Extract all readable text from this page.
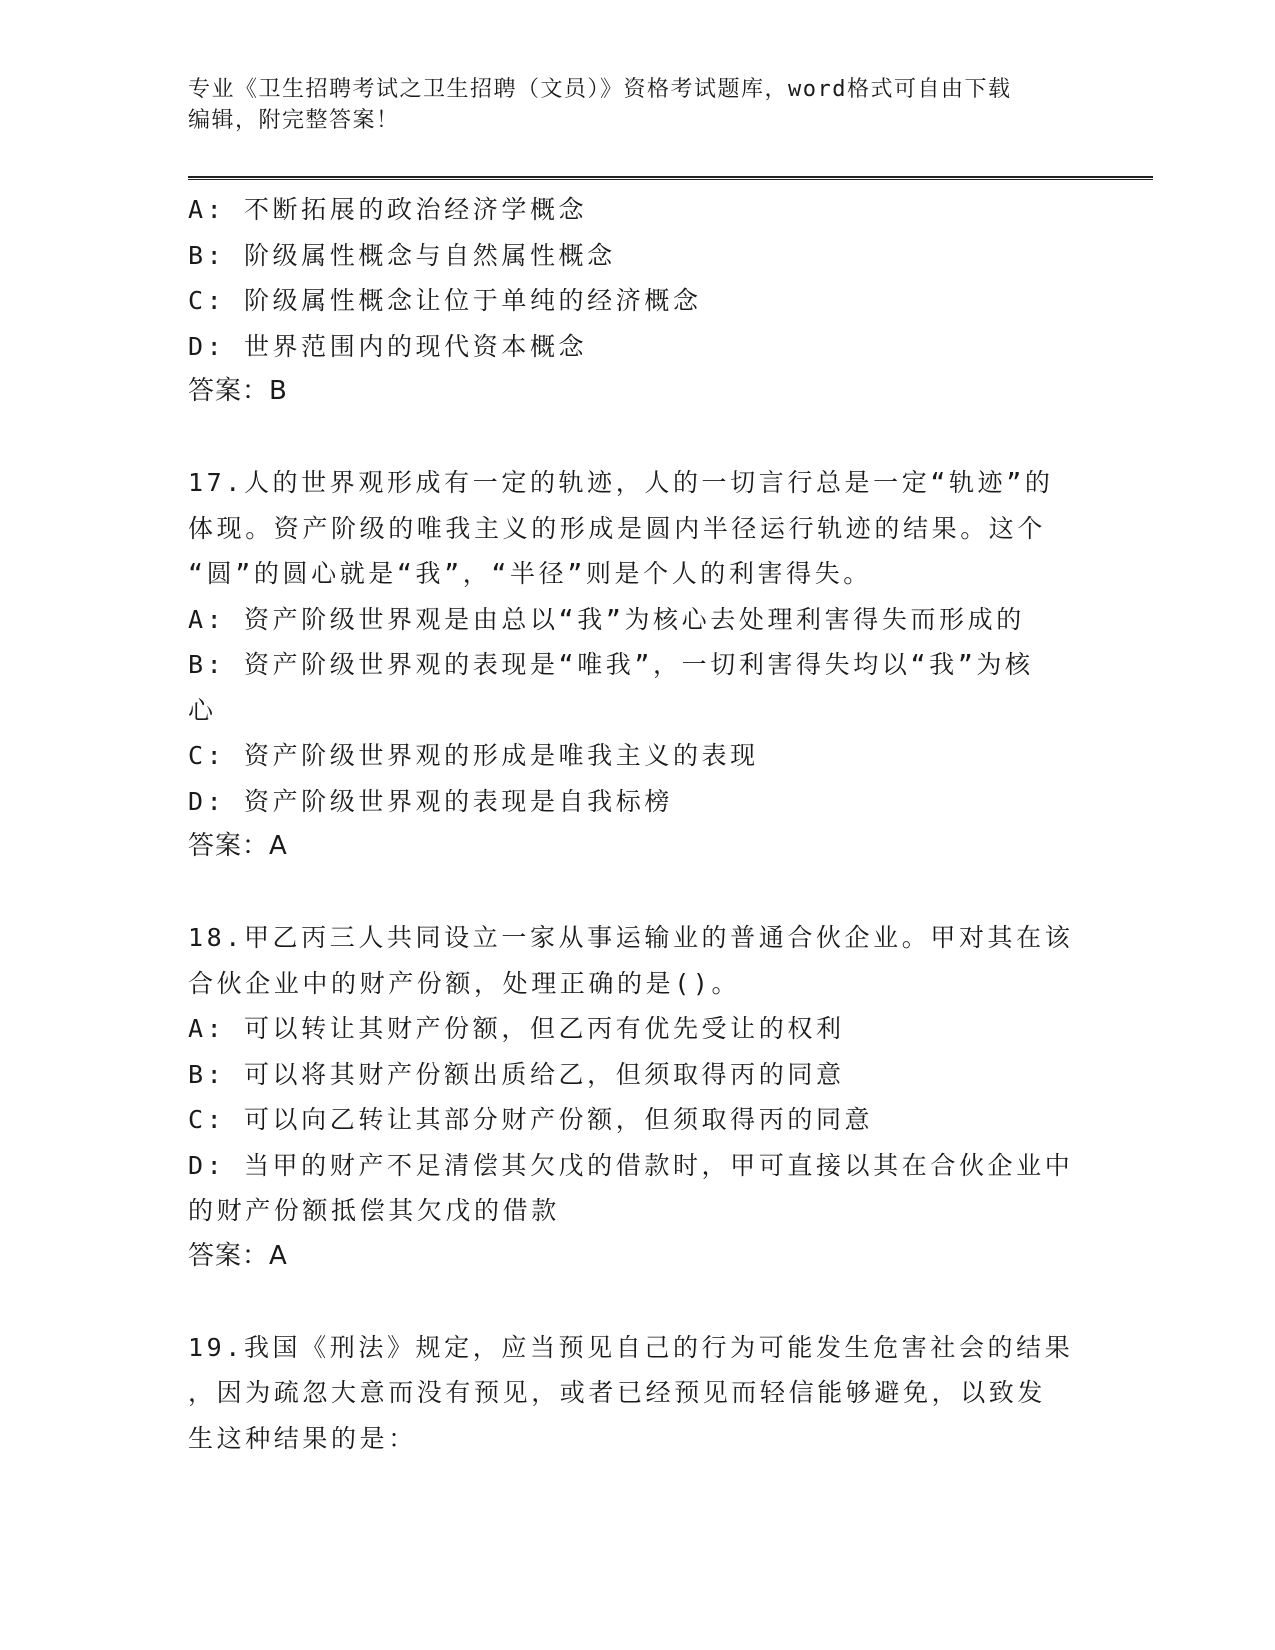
专业《卫生招聘考试之卫生招聘（文员）》资格考试题库，word格式可自由下载
编辑，附完整答案！

A: 不断拓展的政治经济学概念

B: 阶级属性概念与自然属性概念

C: 阶级属性概念让位于单纯的经济概念

D: 世界范围内的现代资本概念

答案：B

17.人的世界观形成有一定的轨迹，人的一切言行总是一定“轨迹”的

体现。资产阶级的唯我主义的形成是圆内半径运行轨迹的结果。这个

“圆”的圆心就是“我”，“半径”则是个人的利害得失。

A: 资产阶级世界观是由总以“我”为核心去处理利害得失而形成的

B: 资产阶级世界观的表现是“唯我”，一切利害得失均以“我”为核

心

C: 资产阶级世界观的形成是唯我主义的表现

D: 资产阶级世界观的表现是自我标榜

答案：A

18.甲乙丙三人共同设立一家从事运输业的普通合伙企业。甲对其在该

合伙企业中的财产份额，处理正确的是()。

A: 可以转让其财产份额，但乙丙有优先受让的权利

B: 可以将其财产份额出质给乙，但须取得丙的同意

C: 可以向乙转让其部分财产份额，但须取得丙的同意

D: 当甲的财产不足清偿其欠戊的借款时，甲可直接以其在合伙企业中

的财产份额抵偿其欠戊的借款

答案：A

19.我国《刑法》规定，应当预见自己的行为可能发生危害社会的结果

，因为疏忽大意而没有预见，或者已经预见而轻信能够避免，以致发

生这种结果的是：
